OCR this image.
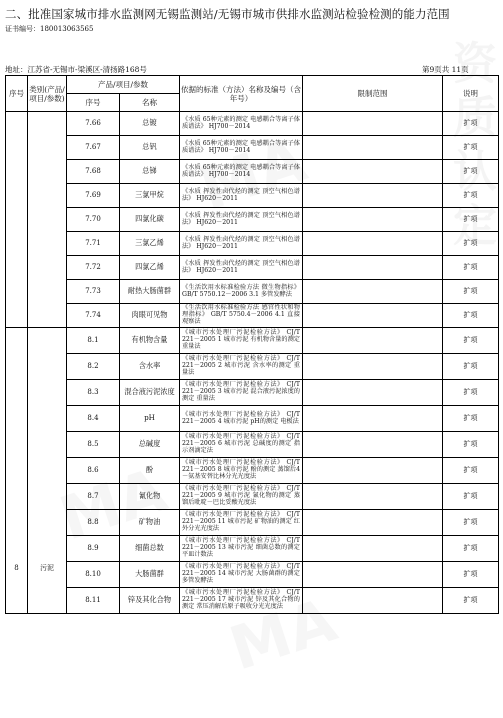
二、批准国家城市排水监测网无锡监测站/无锡市城市供排水监测站检验检测的能力范围
证书编号：180013063565
地址：江苏省-无锡市-梁溪区-清扬路168号	第9页共 11页
序号	类别(产品/项目/参数)	产品/项目/参数		依据的标准（方法）名称及编号（含年号）	限制范围	说明
		序号	名称			
		7.66	总镀	《水质 65种元素的测定 电感耦合等离子体质谱法》 HJ700－2014		扩项
		7.67	总钒	《水质 65种元素的测定 电感耦合等离子体质谱法》 HJ700－2014		扩项
		7.68	总锑	《水质 65种元素的测定 电感耦合等离子体质谱法》 HJ700－2014		扩项
		7.69	三氯甲烷	《水质 挥发性卤代烃的测定 顶空气相色谱法》 HJ620－2011		扩项
		7.70	四氯化碳	《水质 挥发性卤代烃的测定 顶空气相色谱法》 HJ620－2011		扩项
		7.71	三氯乙烯	《水质 挥发性卤代烃的测定 顶空气相色谱法》 HJ620－2011		扩项
		7.72	四氯乙烯	《水质 挥发性卤代烃的测定 顶空气相色谱法》 HJ620－2011		扩项
		7.73	耐热大肠菌群	《生活饮用水标准检验方法 微生物指标》 GB/T 5750.12－2006 3.1 多管发酵法		扩项
		7.74	肉眼可见物	《生活饮用水标准检验方法 感官性状和物理指标》 GB/T 5750.4－2006 4.1 直接观察法		扩项
8	污泥	8.1	有机物含量	《城市污水处理厂污泥检验方法》 CJ/T 221－2005 1 城市污泥 有机物含量的测定 重量法		扩项
		8.2	含水率	《城市污水处理厂污泥检验方法》 CJ/T 221－2005 2 城市污泥 含水率的测定 重量法		扩项
		8.3	混合液污泥浓度	《城市污水处理厂污泥检验方法》 CJ/T 221－2005 3 城市污泥 混合液污泥浓度的测定 重量法		扩项
		8.4	pH	《城市污水处理厂污泥检验方法》 CJ/T 221－2005 4 城市污泥 pH的测定 电极法		扩项
		8.5	总碱度	《城市污水处理厂污泥检验方法》 CJ/T 221－2005 6 城市污泥 总碱度的测定 指示剂滴定法		扩项
		8.6	酚	《城市污水处理厂污泥检验方法》 CJ/T 221－2005 8 城市污泥 酚的测定 蒸馏后4－氨基安替比林分光光度法		扩项
		8.7	氰化物	《城市污水处理厂污泥检验方法》 CJ/T 221－2005 9 城市污泥 氰化物的测定 蒸馏后吡啶－巴比妥酸光度法		扩项
		8.8	矿物油	《城市污水处理厂污泥检验方法》 CJ/T 221－2005 11 城市污泥 矿物油的测定 红外分光光度法		扩项
		8.9	细菌总数	《城市污水处理厂污泥检验方法》 CJ/T 221－2005 13 城市污泥 细菌总数的测定 平皿计数法		扩项
		8.10	大肠菌群	《城市污水处理厂污泥检验方法》 CJ/T 221－2005 14 城市污泥 大肠菌群的测定 多管发酵法		扩项
		8.11	锌及其化合物	《城市污水处理厂污泥检验方法》 CJ/T 221－2005 17 城市污泥 锌及其化合物的测定 常压消解后原子吸收分光光度法		扩项
